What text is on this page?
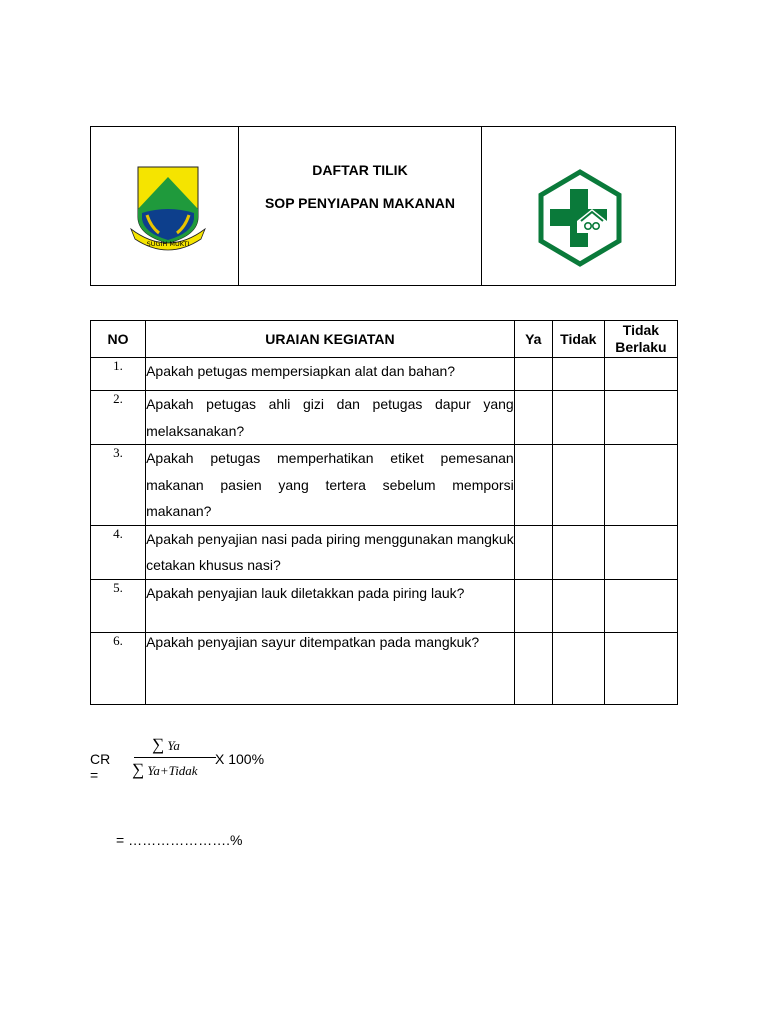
SUGIH MUKTI
DAFTAR TILIK
SOP PENYIAPAN MAKANAN
NO	URAIAN KEGIATAN	Ya	Tidak	Tidak Berlaku
1.	Apakah petugas mempersiapkan alat dan bahan?			
2.	Apakah petugas ahli gizi dan petugas dapur yang melaksanakan?			
3.	Apakah petugas memperhatikan etiket pemesanan makanan pasien yang tertera sebelum memporsi makanan?			
4.	Apakah penyajian nasi pada piring menggunakan mangkuk cetakan khusus nasi?			
5.	Apakah penyajian lauk diletakkan pada piring lauk?			
6.	Apakah penyajian sayur ditempatkan pada mangkuk?			
CR =
∑ Ya
∑ Ya+Tidak
X 100%
= ………………….%
